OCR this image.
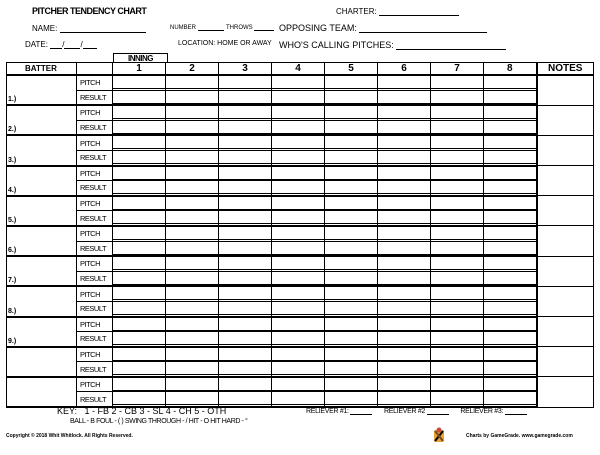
PITCHER TENDENCY CHART	CHARTER:
NAME:	NUMBER	THROWS	OPPOSING TEAM:
DATE: / /	LOCATION: HOME OR AWAY WHO'S CALLING PITCHES:
INNING
BATTER		1	2	3	4	5	6	7	8	NOTES
1.)	PITCH									
	RESULT									
2.)	PITCH									
	RESULT									
3.)	PITCH									
	RESULT									
4.)	PITCH									
	RESULT									
5.)	PITCH									
	RESULT									
6.)	PITCH									
	RESULT									
7.)	PITCH									
	RESULT									
8.)	PITCH									
	RESULT									
9.)	PITCH									
	RESULT									
	PITCH									
	RESULT									
	PITCH									
	RESULT									
KEY: 1 - FB 2 - CB 3 - SL 4 - CH 5 - OTH
BALL - B FOUL - ( ) SWING THROUGH - / HIT - O HIT HARD - °
RELIEVER #1:	RELIEVER #2	RELIEVER #3:
Copyright © 2018 Whit Whitlock. All Rights Reserved.	Charts by GameGrade. www.gamegrade.com
